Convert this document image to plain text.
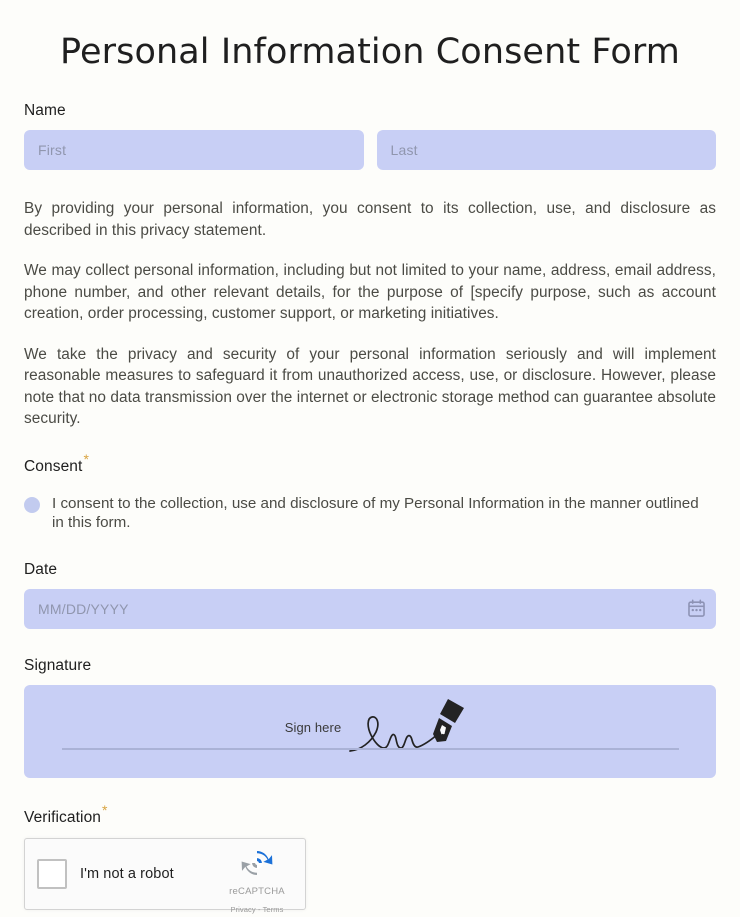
Personal Information Consent Form
Name
First	Last

By providing your personal information, you consent to its collection, use, and disclosure as described in this privacy statement.

We may collect personal information, including but not limited to your name, address, email address, phone number, and other relevant details, for the purpose of [specify purpose, such as account creation, order processing, customer support, or marketing initiatives.

We take the privacy and security of your personal information seriously and will implement reasonable measures to safeguard it from unauthorized access, use, or disclosure. However, please note that no data transmission over the internet or electronic storage method can guarantee absolute security.

Consent*
I consent to the collection, use and disclosure of my Personal Information in the manner outlined in this form.
Date
MM/DD/YYYY
Signature
Sign here
Verification*
I'm not a robot
reCAPTCHA Privacy - Terms
